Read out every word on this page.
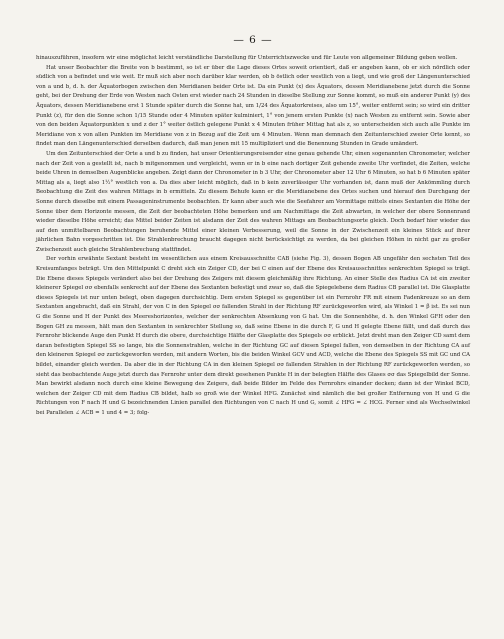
— 6 —

hinauszuführen, insofern wir eine möglichst leicht verständliche Darstellung für Unterrichtszwecke und für Leute von allgemeiner Bildung geben wollen.

Hat unser Beobachter die Breite von b bestimmt, so ist er über die Lage dieses Ortes soweit orientiert, daß er angeben kann, ob er sich nördlich oder südlich von a befindet und wie weit. Er muß sich aber noch darüber klar werden, ob b östlich oder westlich von a liegt, und wie groß der Längenunterschied von a und b, d. h. der Äquatorbogen zwischen den Meridianen beider Orte ist. Da ein Punkt (x) des Äquators, dessen Meridianebene jetzt durch die Sonne geht, bei der Drehung der Erde von Westen nach Osten erst wieder nach 24 Stunden in dieselbe Stellung zur Sonne kommt, so muß ein anderer Punkt (y) des Äquators, dessen Meridianebene erst 1 Stunde später durch die Sonne hat, um 1/24 des Äquatorkreises, also um 15°, weiter entfernt sein; so wird ein dritter Punkt (z), für den die Sonne schon 1/15 Stunde oder 4 Minuten später kulminiert, 1° von jenem ersten Punkte (x) nach Westen zu entfernt sein. Sowie aber von den beiden Äquatorpunkten x und z der 1° weiter östlich gelegene Punkt x 4 Minuten früher Mittag hat als z, so unterscheiden sich auch alle Punkte im Meridiane von x von allen Punkten im Meridiane von z in Bezug auf die Zeit um 4 Minuten. Wenn man demnach den Zeitunterschied zweier Orte kennt, so findet man den Längenunterschied derselben dadurch, daß man jenen mit 15 multipliziert und die Benennung Stunden in Grade umändert.

Um den Zeitunterschied der Orte a und b zu finden, hat unser Orientierungsreisender eine genau gehende Uhr, einen sogenannten Chronometer, welcher nach der Zeit von a gestellt ist, nach b mitgenommen und vergleicht, wenn er in b eine nach dortiger Zeit gehende zweite Uhr vorfindet, die Zeiten, welche beide Uhren in demselben Augenblicke angeben. Zeigt dann der Chronometer in b 3 Uhr, der Chronometer aber 12 Uhr 6 Minuten, so hat b 6 Minuten später Mittag als a, liegt also 1½° westlich von a. Da dies aber leicht möglich, daß in b kein zuverlässiger Uhr vorhanden ist, dann muß der Ankömmling durch Beobachtung die Zeit des wahren Mittags in b ermitteln. Zu diesem Behufe kann er die Meridianebene des Ortes suchen und hierauf den Durchgang der Sonne durch dieselbe mit einem Passageninstrumente beobachten. Er kann aber auch wie die Seefahrer am Vormittage mittels eines Sextanten die Höhe der Sonne über dem Horizonte messen, die Zeit der beobachteten Höhe bemerken und am Nachmittage die Zeit abwarten, in welcher der obere Sonnenrand wieder dieselbe Höhe erreicht; das Mittel beider Zeiten ist alsdann der Zeit des wahren Mittags am Beobachtungsorte gleich. Doch bedarf hier wieder das auf den unmittelbaren Beobachtungen beruhende Mittel einer kleinen Verbesserung, weil die Sonne in der Zwischenzeit ein kleines Stück auf ihrer jährlichen Bahn vorgeschritten ist. Die Strahlenbrechung braucht dagegen nicht berücksichtigt zu werden, da bei gleichen Höhen in nicht gar zu großer Zwischenzeit auch gleiche Strahlenbrechung stattfindet.

Der vorhin erwähnte Sextant besteht im wesentlichen aus einem Kreisausschnitte CAB (siehe Fig. 3), dessen Bogen AB ungefähr den sechsten Teil des Kreisumfanges beträgt. Um den Mittelpunkt C dreht sich ein Zeiger CD, der bei C einen auf der Ebene des Kreisausschnittes senkrechten Spiegel ss trägt. Die Ebene dieses Spiegels verändert also bei der Drehung des Zeigers mit diesem gleichmäßig ihre Richtung. An einer Stelle des Radius CA ist ein zweiter kleinerer Spiegel σσ ebenfalls senkrecht auf der Ebene des Sextanten befestigt und zwar so, daß die Spiegelebene dem Radius CB parallel ist. Die Glasplatte dieses Spiegels ist nur unten belegt, oben dagegen durchsichtig. Dem ersten Spiegel ss gegenüber ist ein Fernrohr FR mit einem Fadenkreuze so an dem Sextanten angebracht, daß ein Strahl, der von C in den Spiegel σσ fallenden Strahl in der Richtung RF zurückgeworfen wird, als Winkel 1 = β ist. Es sei nun G die Sonne und H der Punkt des Meereshorizontes, welcher der senkrechten Absenkung von G hat. Um die Sonnenhöhe, d. h. den Winkel GFH oder den Bogen GH zu messen, hält man den Sextanten in senkrechter Stellung so, daß seine Ebene in die durch F, G und H gelegte Ebene fällt, und daß durch das Fernrohr blickende Auge den Punkt H durch die obere, durchsichtige Hälfte der Glasplatte des Spiegels σσ erblickt. Jetzt dreht man den Zeiger CD samt dem daran befestigten Spiegel SS so lange, bis die Sonnenstrahlen, welche in der Richtung GC auf diesen Spiegel fallen, von demselben in der Richtung CA auf den kleineren Spiegel σσ zurückgeworfen werden, mit andern Worten, bis die beiden Winkel GCV und ACD, welche die Ebene des Spiegels SS mit GC und CA bildet, einander gleich werden. Da aber die in der Richtung CA in den kleinen Spiegel σσ fallenden Strahlen in der Richtung RF zurückgeworfen werden, so sieht das beobachtende Auge jetzt durch das Fernrohr unter dem direkt gesehenen Punkte H in der belegten Hälfte des Glases σσ das Spiegelbild der Sonne. Man bewirkt alsdann noch durch eine kleine Bewegung des Zeigers, daß beide Bilder im Felde des Fernrohrs einander decken; dann ist der Winkel BCD, welchen der Zeiger CD mit dem Radius CB bildet, halb so groß wie der Winkel HFG. Zunächst sind nämlich die bei großer Entfernung von H und G die Richtungen von F nach H und G bezeichnenden Linien parallel den Richtungen von C nach H und G, somit ∠ HFG = ∠ HCG. Ferner sind als Wechselwinkel bei Parallelen ∠ ACB = 1 und 4 = 3; folg-
